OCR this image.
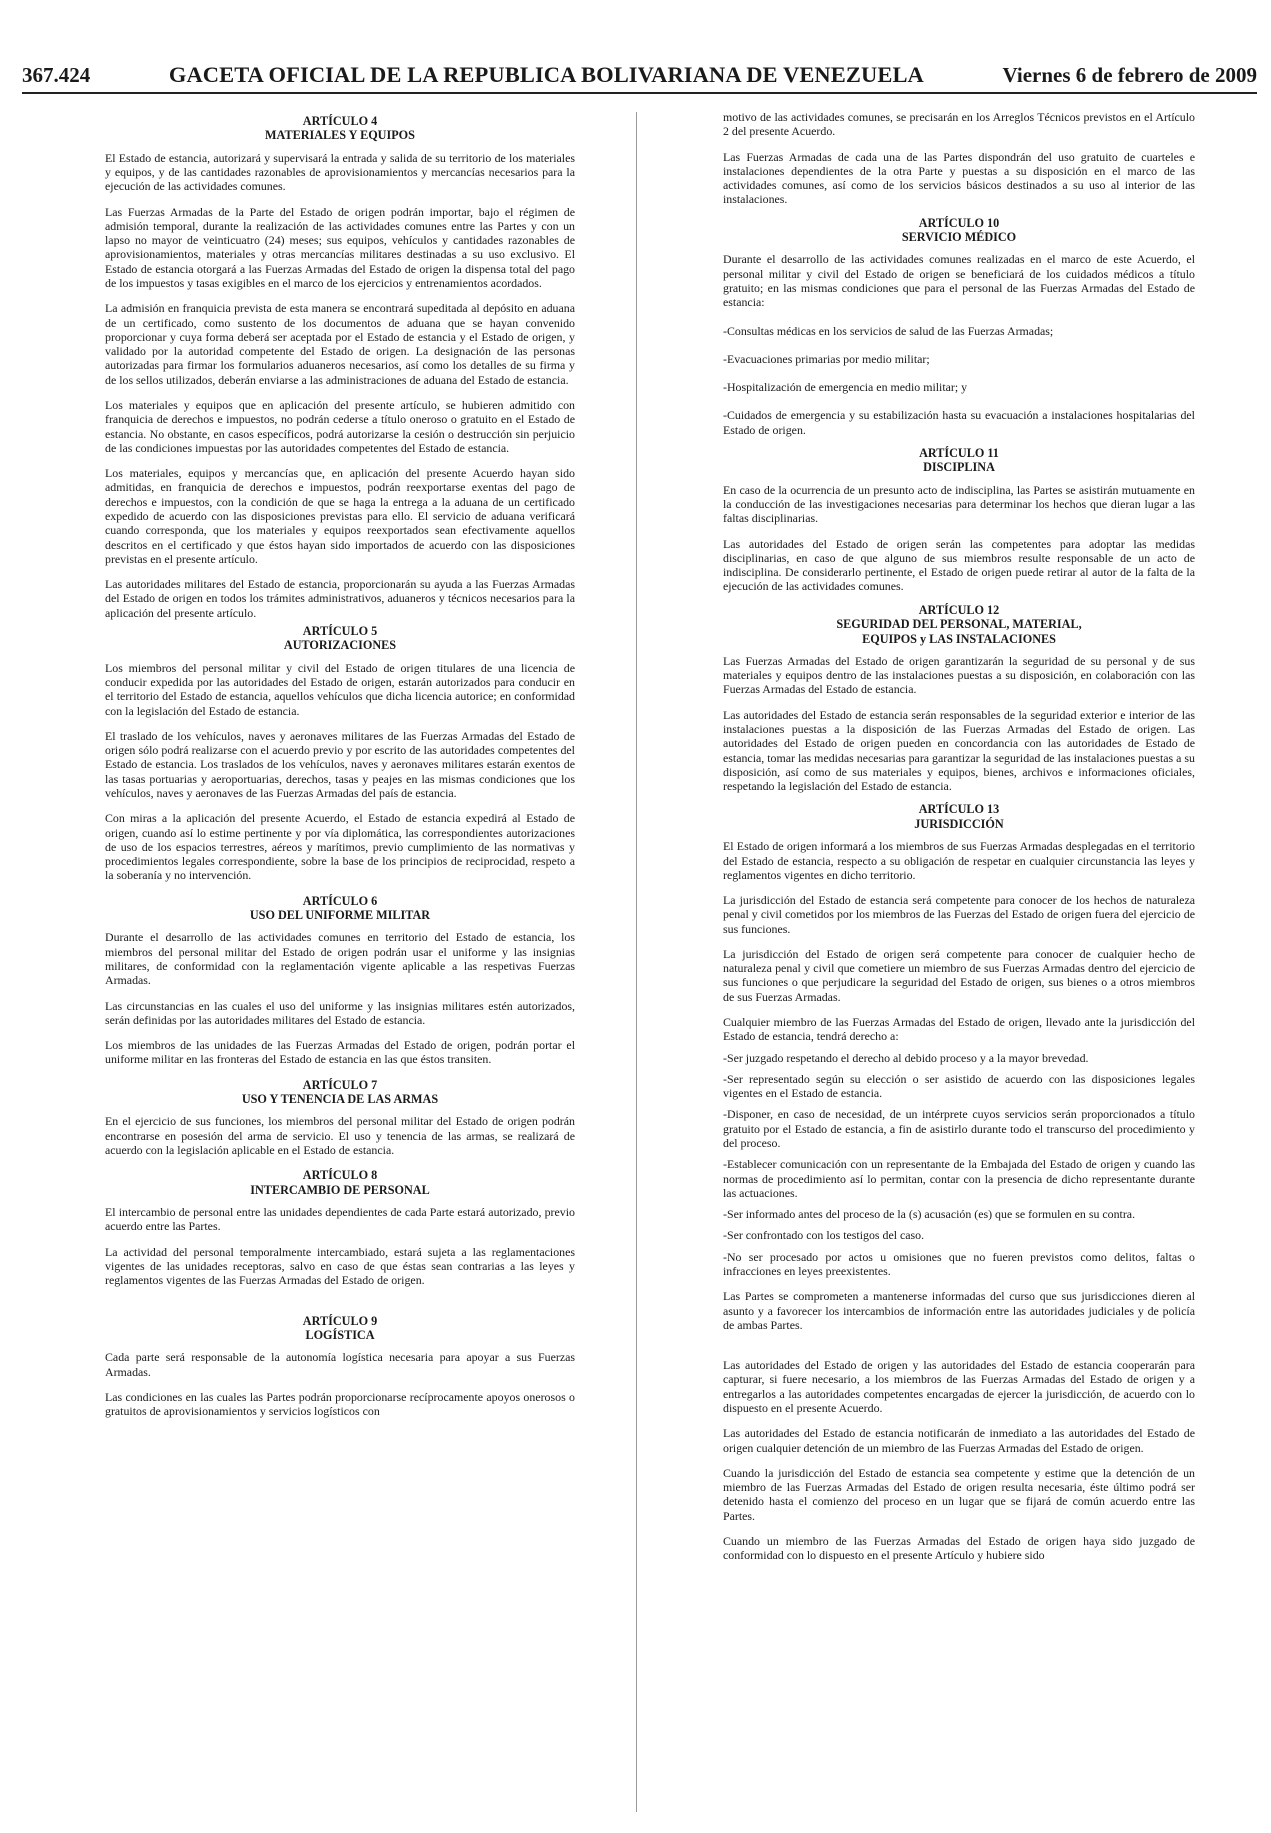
367.424	GACETA OFICIAL DE LA REPUBLICA BOLIVARIANA DE VENEZUELA	Viernes 6 de febrero de 2009
ARTÍCULO 4
MATERIALES Y EQUIPOS

El Estado de estancia, autorizará y supervisará la entrada y salida de su territorio de los materiales y equipos, y de las cantidades razonables de aprovisionamientos y mercancías necesarios para la ejecución de las actividades comunes.

Las Fuerzas Armadas de la Parte del Estado de origen podrán importar, bajo el régimen de admisión temporal, durante la realización de las actividades comunes entre las Partes y con un lapso no mayor de veinticuatro (24) meses; sus equipos, vehículos y cantidades razonables de aprovisionamientos, materiales y otras mercancías militares destinadas a su uso exclusivo. El Estado de estancia otorgará a las Fuerzas Armadas del Estado de origen la dispensa total del pago de los impuestos y tasas exigibles en el marco de los ejercicios y entrenamientos acordados.

La admisión en franquicia prevista de esta manera se encontrará supeditada al depósito en aduana de un certificado, como sustento de los documentos de aduana que se hayan convenido proporcionar y cuya forma deberá ser aceptada por el Estado de estancia y el Estado de origen, y validado por la autoridad competente del Estado de origen. La designación de las personas autorizadas para firmar los formularios aduaneros necesarios, así como los detalles de su firma y de los sellos utilizados, deberán enviarse a las administraciones de aduana del Estado de estancia.

Los materiales y equipos que en aplicación del presente artículo, se hubieren admitido con franquicia de derechos e impuestos, no podrán cederse a título oneroso o gratuito en el Estado de estancia. No obstante, en casos específicos, podrá autorizarse la cesión o destrucción sin perjuicio de las condiciones impuestas por las autoridades competentes del Estado de estancia.

Los materiales, equipos y mercancías que, en aplicación del presente Acuerdo hayan sido admitidas, en franquicia de derechos e impuestos, podrán reexportarse exentas del pago de derechos e impuestos, con la condición de que se haga la entrega a la aduana de un certificado expedido de acuerdo con las disposiciones previstas para ello. El servicio de aduana verificará cuando corresponda, que los materiales y equipos reexportados sean efectivamente aquellos descritos en el certificado y que éstos hayan sido importados de acuerdo con las disposiciones previstas en el presente artículo.

Las autoridades militares del Estado de estancia, proporcionarán su ayuda a las Fuerzas Armadas del Estado de origen en todos los trámites administrativos, aduaneros y técnicos necesarios para la aplicación del presente artículo.

ARTÍCULO 5
AUTORIZACIONES

Los miembros del personal militar y civil del Estado de origen titulares de una licencia de conducir expedida por las autoridades del Estado de origen, estarán autorizados para conducir en el territorio del Estado de estancia, aquellos vehículos que dicha licencia autorice; en conformidad con la legislación del Estado de estancia.

El traslado de los vehículos, naves y aeronaves militares de las Fuerzas Armadas del Estado de origen sólo podrá realizarse con el acuerdo previo y por escrito de las autoridades competentes del Estado de estancia. Los traslados de los vehículos, naves y aeronaves militares estarán exentos de las tasas portuarias y aeroportuarias, derechos, tasas y peajes en las mismas condiciones que los vehículos, naves y aeronaves de las Fuerzas Armadas del país de estancia.

Con miras a la aplicación del presente Acuerdo, el Estado de estancia expedirá al Estado de origen, cuando así lo estime pertinente y por vía diplomática, las correspondientes autorizaciones de uso de los espacios terrestres, aéreos y marítimos, previo cumplimiento de las normativas y procedimientos legales correspondiente, sobre la base de los principios de reciprocidad, respeto a la soberanía y no intervención.

ARTÍCULO 6
USO DEL UNIFORME MILITAR

Durante el desarrollo de las actividades comunes en territorio del Estado de estancia, los miembros del personal militar del Estado de origen podrán usar el uniforme y las insignias militares, de conformidad con la reglamentación vigente aplicable a las respetivas Fuerzas Armadas.

Las circunstancias en las cuales el uso del uniforme y las insignias militares estén autorizados, serán definidas por las autoridades militares del Estado de estancia.

Los miembros de las unidades de las Fuerzas Armadas del Estado de origen, podrán portar el uniforme militar en las fronteras del Estado de estancia en las que éstos transiten.

ARTÍCULO 7
USO Y TENENCIA DE LAS ARMAS

En el ejercicio de sus funciones, los miembros del personal militar del Estado de origen podrán encontrarse en posesión del arma de servicio. El uso y tenencia de las armas, se realizará de acuerdo con la legislación aplicable en el Estado de estancia.

ARTÍCULO 8
INTERCAMBIO DE PERSONAL

El intercambio de personal entre las unidades dependientes de cada Parte estará autorizado, previo acuerdo entre las Partes.

La actividad del personal temporalmente intercambiado, estará sujeta a las reglamentaciones vigentes de las unidades receptoras, salvo en caso de que éstas sean contrarias a las leyes y reglamentos vigentes de las Fuerzas Armadas del Estado de origen.

ARTÍCULO 9
LOGÍSTICA

Cada parte será responsable de la autonomía logística necesaria para apoyar a sus Fuerzas Armadas.

Las condiciones en las cuales las Partes podrán proporcionarse recíprocamente apoyos onerosos o gratuitos de aprovisionamientos y servicios logísticos con

motivo de las actividades comunes, se precisarán en los Arreglos Técnicos previstos en el Artículo 2 del presente Acuerdo.

Las Fuerzas Armadas de cada una de las Partes dispondrán del uso gratuito de cuarteles e instalaciones dependientes de la otra Parte y puestas a su disposición en el marco de las actividades comunes, así como de los servicios básicos destinados a su uso al interior de las instalaciones.

ARTÍCULO 10
SERVICIO MÉDICO

Durante el desarrollo de las actividades comunes realizadas en el marco de este Acuerdo, el personal militar y civil del Estado de origen se beneficiará de los cuidados médicos a título gratuito; en las mismas condiciones que para el personal de las Fuerzas Armadas del Estado de estancia:

-Consultas médicas en los servicios de salud de las Fuerzas Armadas;

-Evacuaciones primarias por medio militar;

-Hospitalización de emergencia en medio militar; y

-Cuidados de emergencia y su estabilización hasta su evacuación a instalaciones hospitalarias del Estado de origen.

ARTÍCULO 11
DISCIPLINA

En caso de la ocurrencia de un presunto acto de indisciplina, las Partes se asistirán mutuamente en la conducción de las investigaciones necesarias para determinar los hechos que dieran lugar a las faltas disciplinarias.

Las autoridades del Estado de origen serán las competentes para adoptar las medidas disciplinarias, en caso de que alguno de sus miembros resulte responsable de un acto de indisciplina. De considerarlo pertinente, el Estado de origen puede retirar al autor de la falta de la ejecución de las actividades comunes.

ARTÍCULO 12
SEGURIDAD DEL PERSONAL, MATERIAL, EQUIPOS y LAS INSTALACIONES

Las Fuerzas Armadas del Estado de origen garantizarán la seguridad de su personal y de sus materiales y equipos dentro de las instalaciones puestas a su disposición, en colaboración con las Fuerzas Armadas del Estado de estancia.

Las autoridades del Estado de estancia serán responsables de la seguridad exterior e interior de las instalaciones puestas a la disposición de las Fuerzas Armadas del Estado de origen. Las autoridades del Estado de origen pueden en concordancia con las autoridades de Estado de estancia, tomar las medidas necesarias para garantizar la seguridad de las instalaciones puestas a su disposición, así como de sus materiales y equipos, bienes, archivos e informaciones oficiales, respetando la legislación del Estado de estancia.

ARTÍCULO 13
JURISDICCIÓN

El Estado de origen informará a los miembros de sus Fuerzas Armadas desplegadas en el territorio del Estado de estancia, respecto a su obligación de respetar en cualquier circunstancia las leyes y reglamentos vigentes en dicho territorio.

La jurisdicción del Estado de estancia será competente para conocer de los hechos de naturaleza penal y civil cometidos por los miembros de las Fuerzas del Estado de origen fuera del ejercicio de sus funciones.

La jurisdicción del Estado de origen será competente para conocer de cualquier hecho de naturaleza penal y civil que cometiere un miembro de sus Fuerzas Armadas dentro del ejercicio de sus funciones o que perjudicare la seguridad del Estado de origen, sus bienes o a otros miembros de sus Fuerzas Armadas.

Cualquier miembro de las Fuerzas Armadas del Estado de origen, llevado ante la jurisdicción del Estado de estancia, tendrá derecho a:

-Ser juzgado respetando el derecho al debido proceso y a la mayor brevedad.

-Ser representado según su elección o ser asistido de acuerdo con las disposiciones legales vigentes en el Estado de estancia.

-Disponer, en caso de necesidad, de un intérprete cuyos servicios serán proporcionados a título gratuito por el Estado de estancia, a fin de asistirlo durante todo el transcurso del procedimiento y del proceso.

-Establecer comunicación con un representante de la Embajada del Estado de origen y cuando las normas de procedimiento así lo permitan, contar con la presencia de dicho representante durante las actuaciones.

-Ser informado antes del proceso de la (s) acusación (es) que se formulen en su contra.

-Ser confrontado con los testigos del caso.

-No ser procesado por actos u omisiones que no fueren previstos como delitos, faltas o infracciones en leyes preexistentes.

Las Partes se comprometen a mantenerse informadas del curso que sus jurisdicciones dieren al asunto y a favorecer los intercambios de información entre las autoridades judiciales y de policía de ambas Partes.

Las autoridades del Estado de origen y las autoridades del Estado de estancia cooperarán para capturar, si fuere necesario, a los miembros de las Fuerzas Armadas del Estado de origen y a entregarlos a las autoridades competentes encargadas de ejercer la jurisdicción, de acuerdo con lo dispuesto en el presente Acuerdo.

Las autoridades del Estado de estancia notificarán de inmediato a las autoridades del Estado de origen cualquier detención de un miembro de las Fuerzas Armadas del Estado de origen.

Cuando la jurisdicción del Estado de estancia sea competente y estime que la detención de un miembro de las Fuerzas Armadas del Estado de origen resulta necesaria, éste último podrá ser detenido hasta el comienzo del proceso en un lugar que se fijará de común acuerdo entre las Partes.

Cuando un miembro de las Fuerzas Armadas del Estado de origen haya sido juzgado de conformidad con lo dispuesto en el presente Artículo y hubiere sido
